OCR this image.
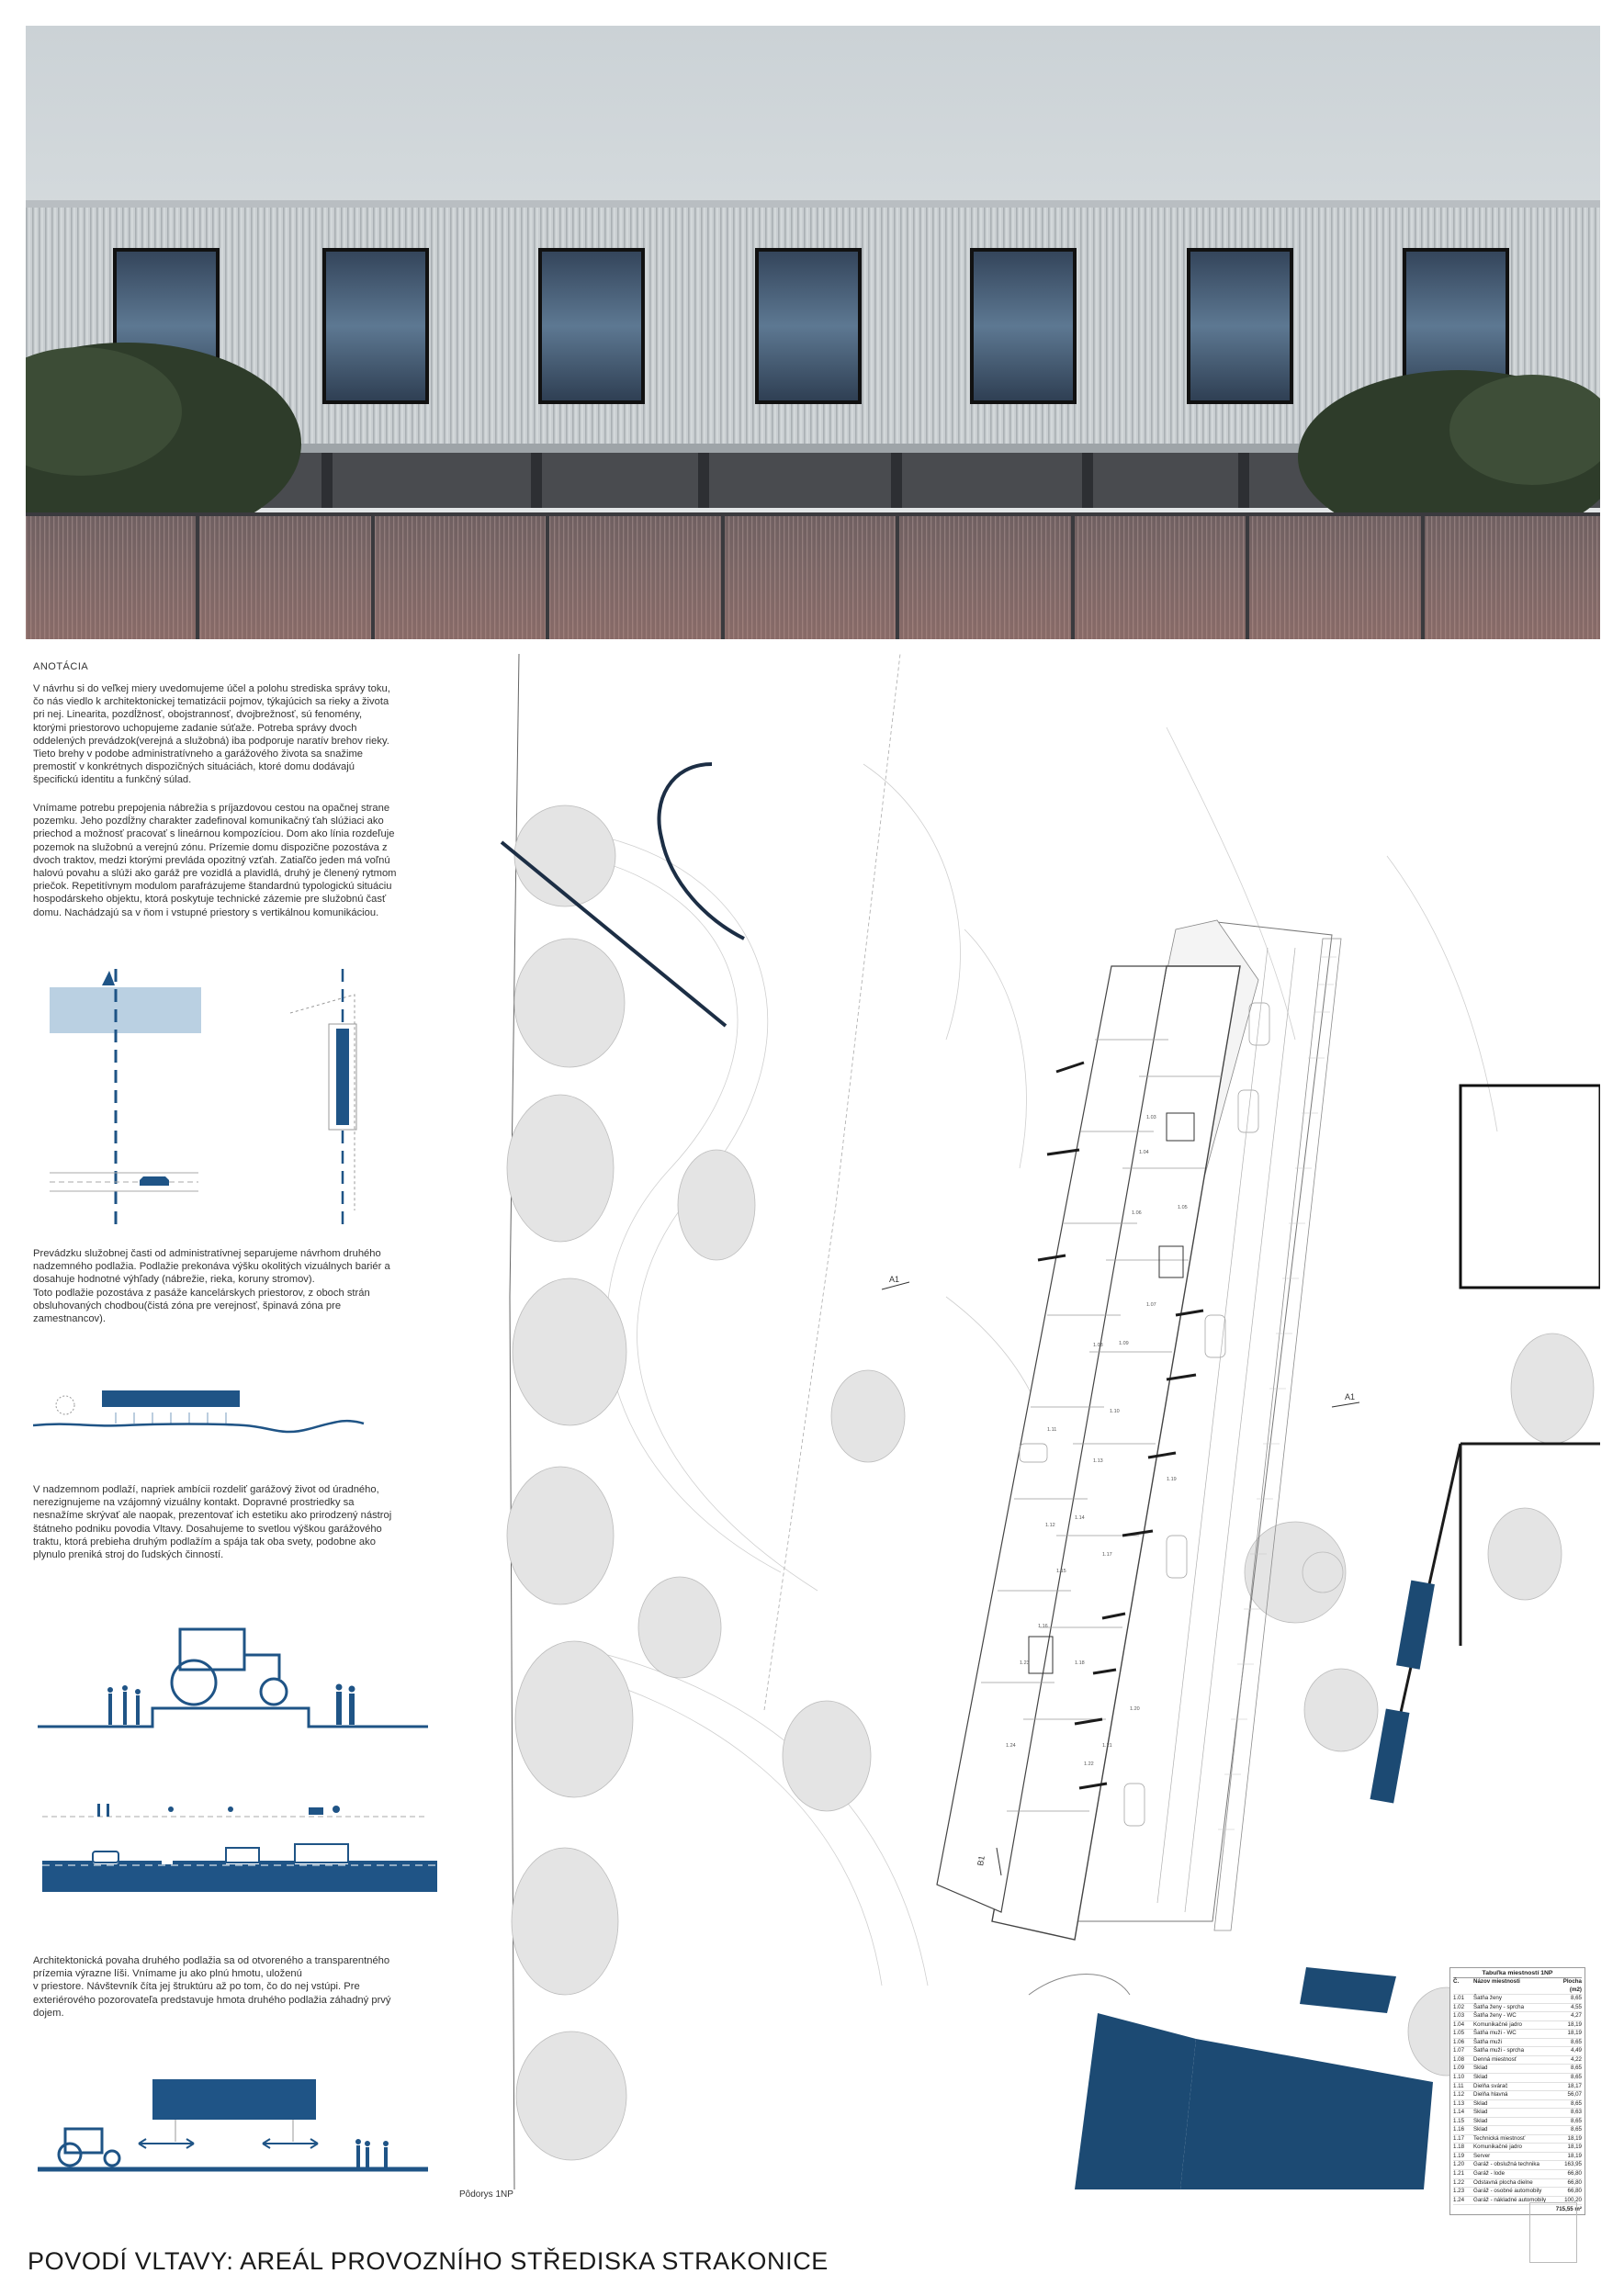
ANOTÁCIA

V návrhu si do veľkej miery uvedomujeme účel a polohu strediska správy toku,
čo nás viedlo k architektonickej tematizácii pojmov, týkajúcich sa rieky a života
pri nej. Linearita, pozdĺžnosť, obojstrannosť, dvojbrežnosť, sú fenomény,
ktorými priestorovo uchopujeme zadanie súťaže. Potreba správy dvoch
oddelených prevádzok(verejná a služobná) iba podporuje naratív brehov rieky.
Tieto brehy v podobe administratívneho a garážového života sa snažime
premostiť v konkrétnych dispozičných situáciách, ktoré domu dodávajú
špecifickú identitu a funkčný súlad.

Vnímame potrebu prepojenia nábrežia s príjazdovou cestou na opačnej strane
pozemku. Jeho pozdĺžny charakter zadefinoval komunikačný ťah slúžiaci ako
priechod a možnosť pracovať s lineárnou kompozíciou. Dom ako línia rozdeľuje
pozemok na služobnú a verejnú zónu. Prízemie domu dispozične pozostáva z
dvoch traktov, medzi ktorými prevláda opozitný vzťah. Zatiaľčo jeden má voľnú
halovú povahu a slúži ako garáž pre vozidlá a plavidlá, druhý je členený rytmom
priečok. Repetitívnym modulom parafrázujeme štandardnú typologickú situáciu
hospodárskeho objektu, ktorá poskytuje technické zázemie pre služobnú časť
domu. Nachádzajú sa v ňom i vstupné priestory s vertikálnou komunikáciou.

Prevádzku služobnej časti od administratívnej separujeme návrhom druhého
nadzemného podlažia. Podlažie prekonáva výšku okolitých vizuálnych bariér a
dosahuje hodnotné výhľady (nábrežie, rieka, koruny stromov).
Toto podlažie pozostáva z pasáže kancelárskych priestorov, z oboch strán
obsluhovaných chodbou(čistá zóna pre verejnosť, špinavá zóna pre
zamestnancov).

V nadzemnom podlaží, napriek ambícii rozdeliť garážový život od úradného,
nerezignujeme na vzájomný vizuálny kontakt. Dopravné prostriedky sa
nesnažíme skrývať ale naopak, prezentovať ich estetiku ako prirodzený nástroj
štátneho podniku povodia Vltavy. Dosahujeme to svetlou výškou garážového
traktu, ktorá prebieha druhým podlažím a spája tak oba svety, podobne ako
plynulo preniká stroj do ľudských činností.

Architektonická povaha druhého podlažia sa od otvoreného a transparentného
prízemia výrazne líši. Vnímame ju ako plnú hmotu, uloženú
v priestore. Návštevník číta jej štruktúru až po tom, čo do nej vstúpi. Pre
exteriérového pozorovateľa predstavuje hmota druhého podlažia záhadný prvý
dojem.

1.03
1.04
1.05
1.06
1.07
1.08	1.09
1.10
1.11
1.12
1.13
1.14
1.15
1.16
1.17
1.18
1.19
1.20
1.21
1.22
1.23
1.24
A1
A1
B1
Tabuľka miestností 1NP
Č.	Názov miestnosti	Plocha (m2)
1.01	Šatňa ženy	8,65
1.02	Šatňa ženy - sprcha	4,55
1.03	Šatňa ženy - WC	4,27
1.04	Komunikačné jadro	18,19
1.05	Šatňa muži - WC	18,19
1.06	Šatňa muži	8,65
1.07	Šatňa muži - sprcha	4,49
1.08	Denná miestnosť	4,22
1.09	Sklad	8,65
1.10	Sklad	8,65
1.11	Dielňa svárač	18,17
1.12	Dielňa hlavná	56,07
1.13	Sklad	8,65
1.14	Sklad	8,63
1.15	Sklad	8,65
1.16	Sklad	8,65
1.17	Technická miestnosť	18,19
1.18	Komunikačné jadro	18,19
1.19	Server	18,19
1.20	Garáž - obslužná technika	163,95
1.21	Garáž - lode	66,80
1.22	Odstavná plocha dielne	66,80
1.23	Garáž - osobné automobily	66,80
1.24	Garáž - nákladné automobily	100,20
715,55 m²
Pôdorys 1NP
POVODÍ VLTAVY: AREÁL PROVOZNÍHO STŘEDISKA STRAKONICE
